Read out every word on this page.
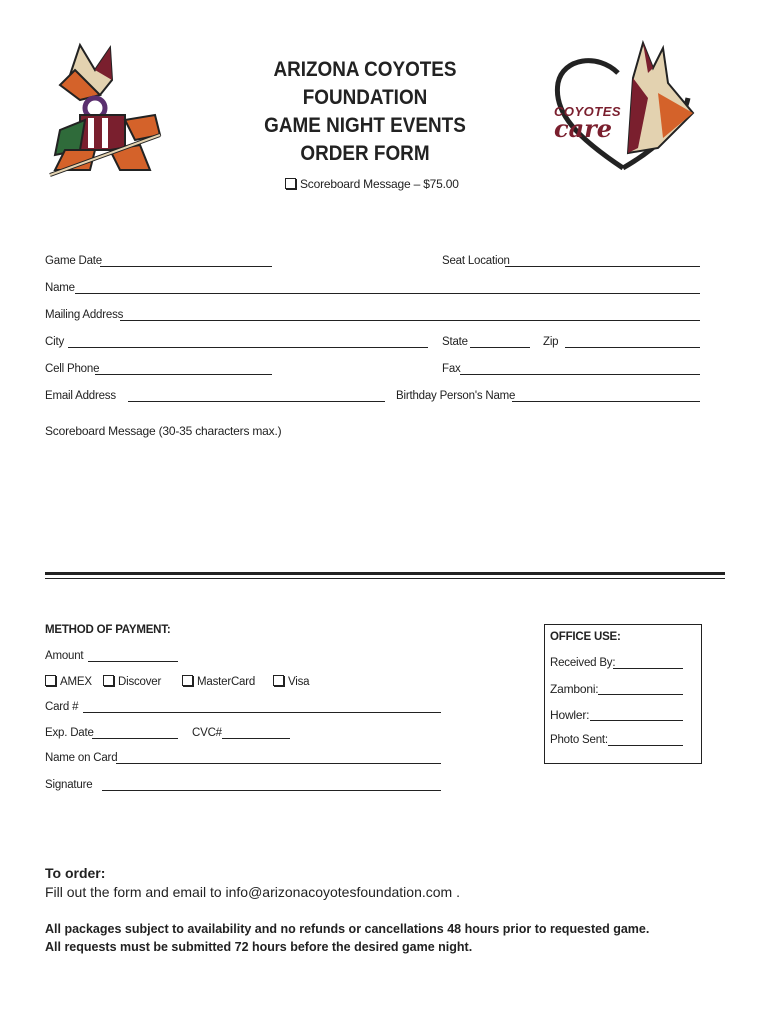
ARIZONA COYOTES FOUNDATION
GAME NIGHT EVENTS
ORDER FORM
COYOTES
care
Scoreboard Message – $75.00
Game Date	Seat Location
Name
Mailing Address
City	State	Zip
Cell Phone	Fax
Email Address	Birthday Person's Name
Scoreboard Message (30-35 characters max.)
METHOD OF PAYMENT:
Amount
AMEX	Discover	MasterCard	Visa
Card #
Exp. Date	CVC#
Name on Card
Signature
OFFICE USE:
Received By:
Zamboni:
Howler:
Photo Sent:
To order:
Fill out the form and email to info@arizonacoyotesfoundation.com .
All packages subject to availability and no refunds or cancellations 48 hours prior to requested game.
All requests must be submitted 72 hours before the desired game night.
